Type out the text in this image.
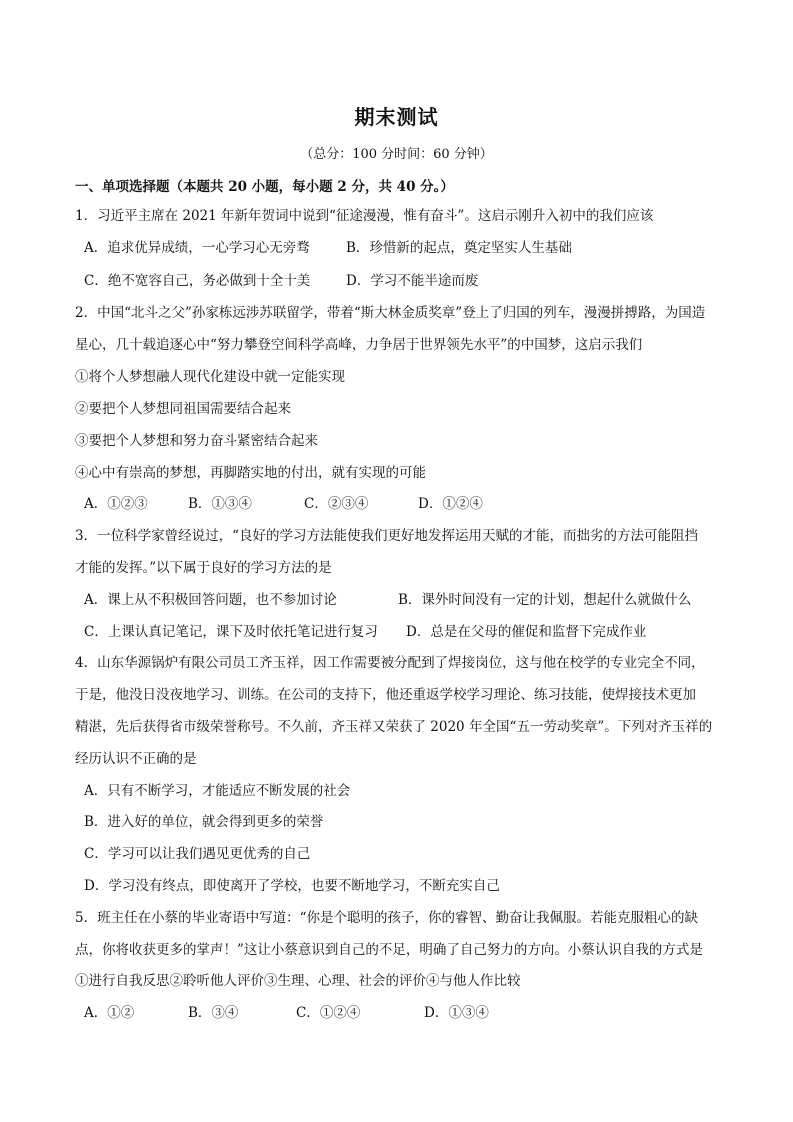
期末测试
（总分：100 分时间：60 分钟）
一、单项选择题（本题共 20 小题，每小题 2 分，共 40 分。）
1．习近平主席在 2021 年新年贺词中说到“征途漫漫，惟有奋斗”。这启示刚升入初中的我们应该
A．追求优异成绩，一心学习心无旁骛	B．珍惜新的起点，奠定坚实人生基础
C．绝不宽容自己，务必做到十全十美	D．学习不能半途而废
2．中国“北斗之父”孙家栋远涉苏联留学，带着“斯大林金质奖章”登上了归国的列车，漫漫拼搏路，为国造
星心，几十载追逐心中“努力攀登空间科学高峰，力争居于世界领先水平”的中国梦，这启示我们
①将个人梦想融人现代化建设中就一定能实现
②要把个人梦想同祖国需要结合起来
③要把个人梦想和努力奋斗紧密结合起来
④心中有崇高的梦想，再脚踏实地的付出，就有实现的可能
A．①②③	B．①③④	C．②③④	D．①②④
3．一位科学家曾经说过，“良好的学习方法能使我们更好地发挥运用天赋的才能，而拙劣的方法可能阻挡
才能的发挥。”以下属于良好的学习方法的是
A．课上从不积极回答问题，也不参加讨论	B．课外时间没有一定的计划，想起什么就做什么
C．上课认真记笔记，课下及时依托笔记进行复习 D．总是在父母的催促和监督下完成作业
4．山东华源锅炉有限公司员工齐玉祥，因工作需要被分配到了焊接岗位，这与他在校学的专业完全不同，
于是，他没日没夜地学习、训练。在公司的支持下，他还重返学校学习理论、练习技能，使焊接技术更加
精湛，先后获得省市级荣誉称号。不久前，齐玉祥又荣获了 2020 年全国“五一劳动奖章”。下列对齐玉祥的
经历认识不正确的是
A．只有不断学习，才能适应不断发展的社会
B．进入好的单位，就会得到更多的荣誉
C．学习可以让我们遇见更优秀的自己
D．学习没有终点，即使离开了学校，也要不断地学习，不断充实自己
5．班主任在小蔡的毕业寄语中写道：“你是个聪明的孩子，你的睿智、勤奋让我佩服。若能克服粗心的缺
点，你将收获更多的掌声！”这让小蔡意识到自己的不足，明确了自己努力的方向。小蔡认识自我的方式是
①进行自我反思②聆听他人评价③生理、心理、社会的评价④与他人作比较
A．①②	B．③④	C．①②④	D．①③④
